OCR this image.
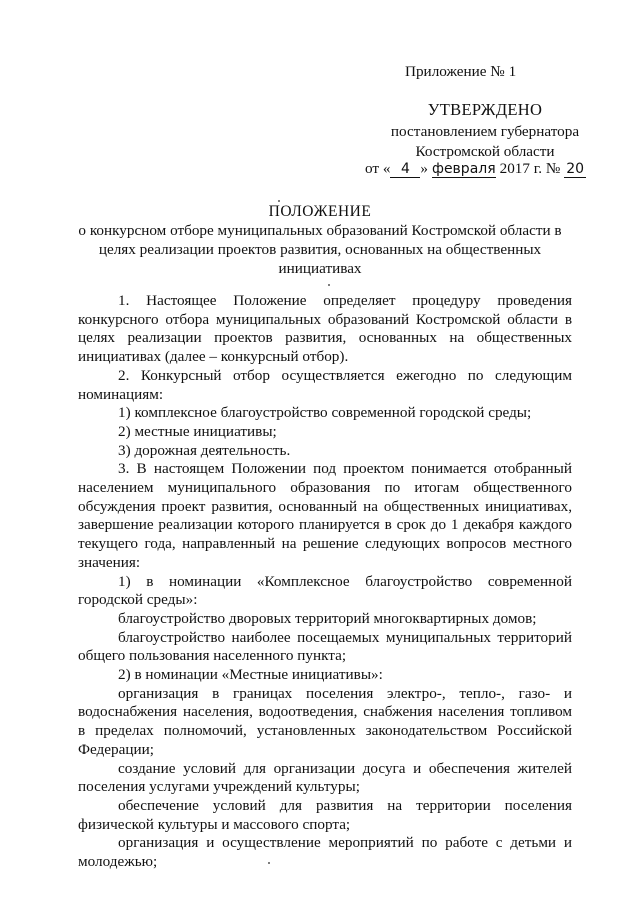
Приложение № 1
УТВЕРЖДЕНО
постановлением губернатора
Костромской области
от « 4 » февраля 2017 г. № 20
ПОЛОЖЕНИЕ
о конкурсном отборе муниципальных образований Костромской области в целях реализации проектов развития, основанных на общественных инициативах

1. Настоящее Положение определяет процедуру проведения конкурсного отбора муниципальных образований Костромской области в целях реализации проектов развития, основанных на общественных инициативах (далее – конкурсный отбор).

2. Конкурсный отбор осуществляется ежегодно по следующим номинациям:

1) комплексное благоустройство современной городской среды;

2) местные инициативы;

3) дорожная деятельность.

3. В настоящем Положении под проектом понимается отобранный населением муниципального образования по итогам общественного обсуждения проект развития, основанный на общественных инициативах, завершение реализации которого планируется в срок до 1 декабря каждого текущего года, направленный на решение следующих вопросов местного значения:

1) в номинации «Комплексное благоустройство современной городской среды»:

благоустройство дворовых территорий многоквартирных домов;

благоустройство наиболее посещаемых муниципальных территорий общего пользования населенного пункта;

2) в номинации «Местные инициативы»:

организация в границах поселения электро-, тепло-, газо- и водоснабжения населения, водоотведения, снабжения населения топливом в пределах полномочий, установленных законодательством Российской Федерации;

создание условий для организации досуга и обеспечения жителей поселения услугами учреждений культуры;

обеспечение условий для развития на территории поселения физической культуры и массового спорта;

организация и осуществление мероприятий по работе с детьми и молодежью;
